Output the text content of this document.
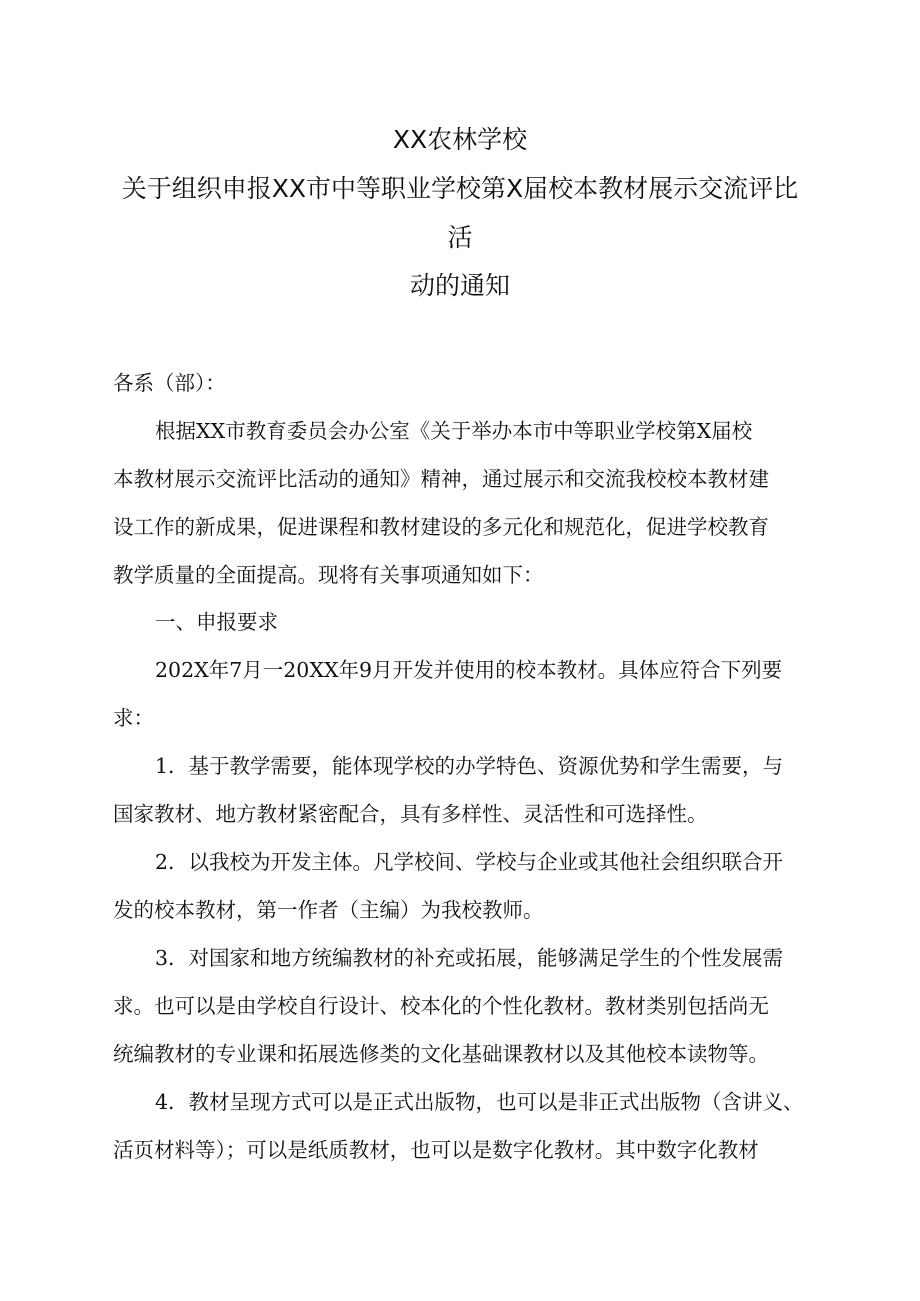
XX农林学校
关于组织申报XX市中等职业学校第X届校本教材展示交流评比
活
动的通知
各系（部）：
根据XX市教育委员会办公室《关于举办本市中等职业学校第X届校
本教材展示交流评比活动的通知》精神，通过展示和交流我校校本教材建
设工作的新成果，促进课程和教材建设的多元化和规范化，促进学校教育
教学质量的全面提高。现将有关事项通知如下：
一、申报要求
202X年7月一20XX年9月开发并使用的校本教材。具体应符合下列要
求：
1．基于教学需要，能体现学校的办学特色、资源优势和学生需要，与
国家教材、地方教材紧密配合，具有多样性、灵活性和可选择性。
2．以我校为开发主体。凡学校间、学校与企业或其他社会组织联合开
发的校本教材，第一作者（主编）为我校教师。
3．对国家和地方统编教材的补充或拓展，能够满足学生的个性发展需
求。也可以是由学校自行设计、校本化的个性化教材。教材类别包括尚无
统编教材的专业课和拓展选修类的文化基础课教材以及其他校本读物等。
4．教材呈现方式可以是正式出版物，也可以是非正式出版物（含讲义、
活页材料等）；可以是纸质教材，也可以是数字化教材。其中数字化教材
